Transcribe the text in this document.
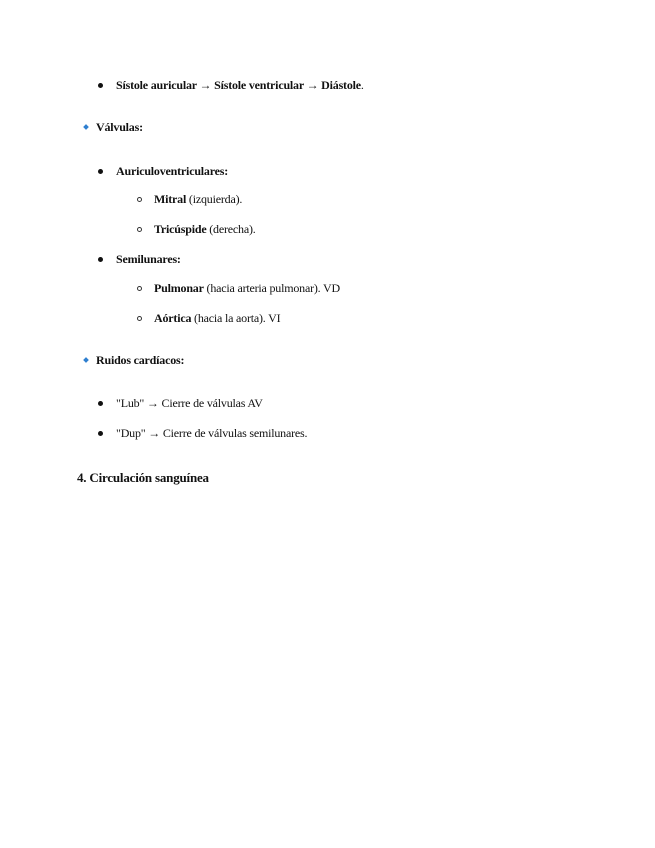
Sístole auricular → Sístole ventricular → Diástole.
Válvulas:
Auriculoventriculares:
Mitral (izquierda).
Tricúspide (derecha).
Semilunares:
Pulmonar (hacia arteria pulmonar). VD
Aórtica (hacia la aorta). VI
Ruidos cardíacos:
"Lub" → Cierre de válvulas AV
"Dup" → Cierre de válvulas semilunares.
4. Circulación sanguínea
